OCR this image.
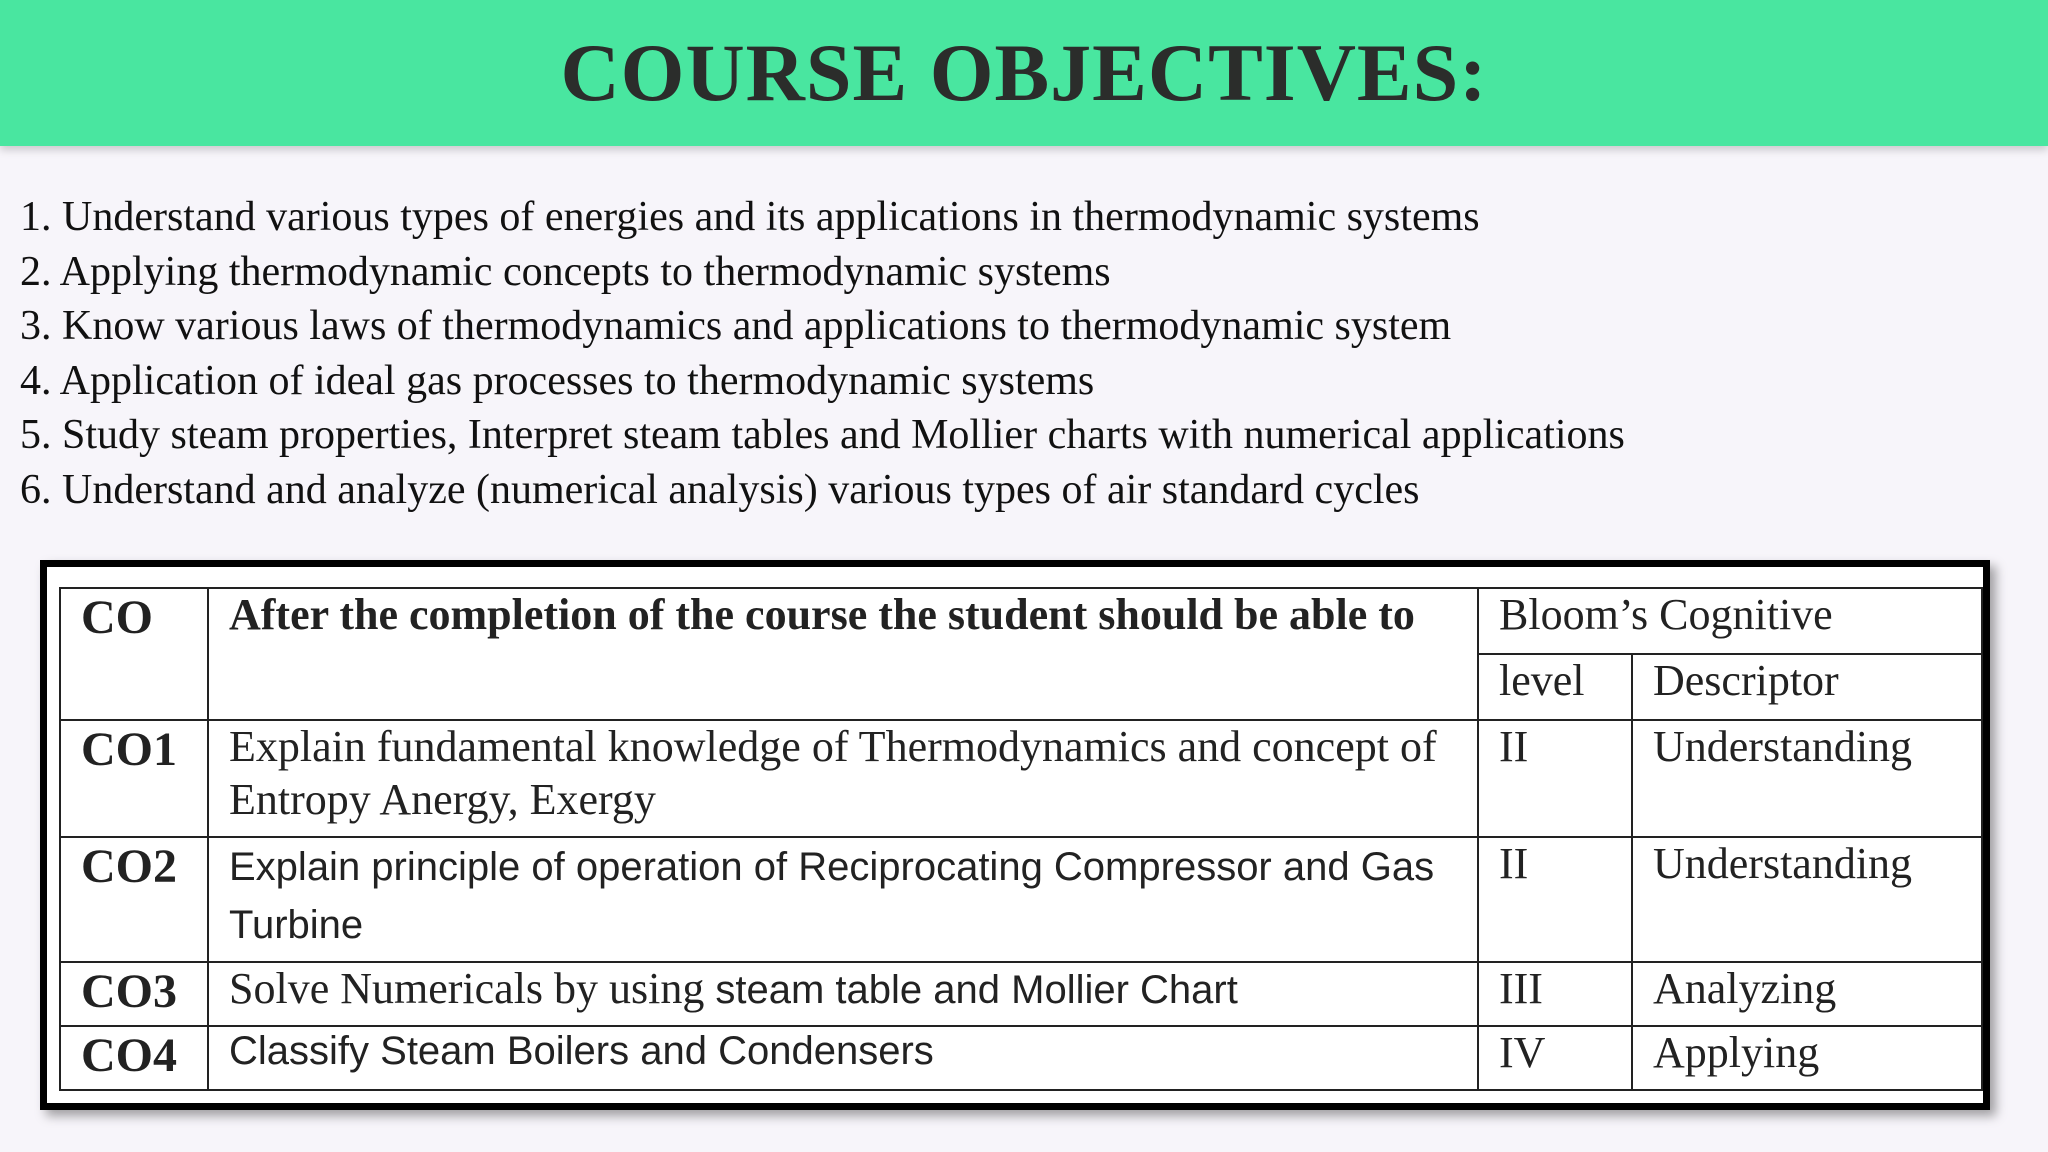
COURSE OBJECTIVES:
1. Understand various types of energies and its applications in thermodynamic systems
2. Applying thermodynamic concepts to thermodynamic systems
3. Know various laws of thermodynamics and applications to thermodynamic system
4. Application of ideal gas processes to thermodynamic systems
5. Study steam properties, Interpret steam tables and Mollier charts with numerical applications
6. Understand and analyze (numerical analysis) various types of air standard cycles
CO	After the completion of the course the student should be able to	Bloom’s Cognitive	
		level	Descriptor
CO1	Explain fundamental knowledge of Thermodynamics and concept of Entropy Anergy, Exergy	II	Understanding
CO2	Explain principle of operation of Reciprocating Compressor and Gas Turbine	II	Understanding
CO3	Solve Numericals by using steam table and Mollier Chart	III	Analyzing
CO4	Classify Steam Boilers and Condensers	IV	Applying
